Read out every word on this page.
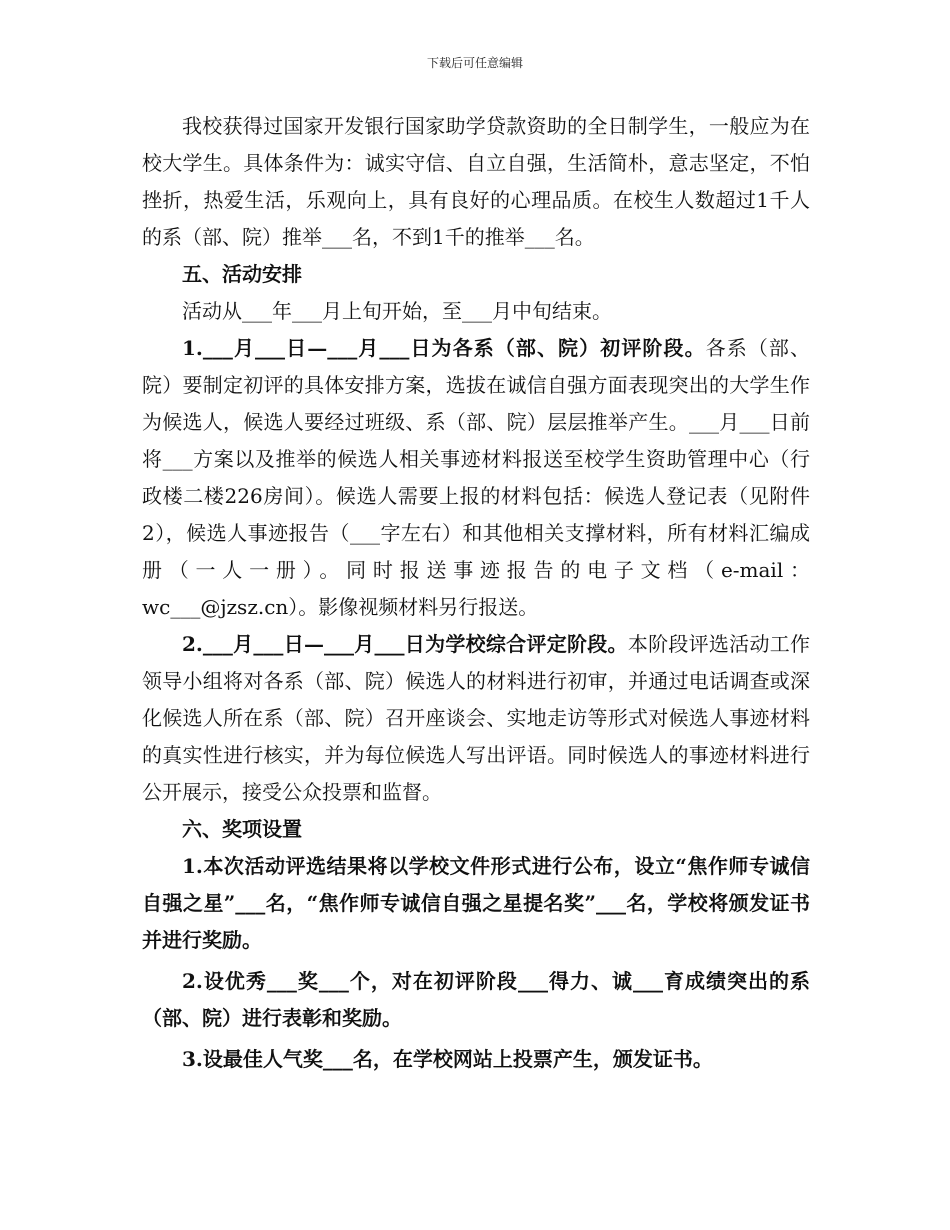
下载后可任意编辑

我校获得过国家开发银行国家助学贷款资助的全日制学生，一般应为在校大学生。具体条件为：诚实守信、自立自强，生活简朴，意志坚定，不怕挫折，热爱生活，乐观向上，具有良好的心理品质。在校生人数超过1千人的系（部、院）推举___名，不到1千的推举___名。

五、活动安排

活动从___年___月上旬开始，至___月中旬结束。

1.___月___日—___月___日为各系（部、院）初评阶段。各系（部、院）要制定初评的具体安排方案，选拔在诚信自强方面表现突出的大学生作为候选人，候选人要经过班级、系（部、院）层层推举产生。___月___日前将___方案以及推举的候选人相关事迹材料报送至校学生资助管理中心（行政楼二楼226房间）。候选人需要上报的材料包括：候选人登记表（见附件2），候选人事迹报告（___字左右）和其他相关支撑材料，所有材料汇编成册（一人一册）。同时报送事迹报告的电子文档（e-mail：wc___@jzsz.cn）。影像视频材料另行报送。

2.___月___日—___月___日为学校综合评定阶段。本阶段评选活动工作领导小组将对各系（部、院）候选人的材料进行初审，并通过电话调查或深化候选人所在系（部、院）召开座谈会、实地走访等形式对候选人事迹材料的真实性进行核实，并为每位候选人写出评语。同时候选人的事迹材料进行公开展示，接受公众投票和监督。

六、奖项设置

1.本次活动评选结果将以学校文件形式进行公布，设立“焦作师专诚信自强之星”___名，“焦作师专诚信自强之星提名奖”___名，学校将颁发证书并进行奖励。

2.设优秀___奖___个，对在初评阶段___得力、诚___育成绩突出的系（部、院）进行表彰和奖励。

3.设最佳人气奖___名，在学校网站上投票产生，颁发证书。
